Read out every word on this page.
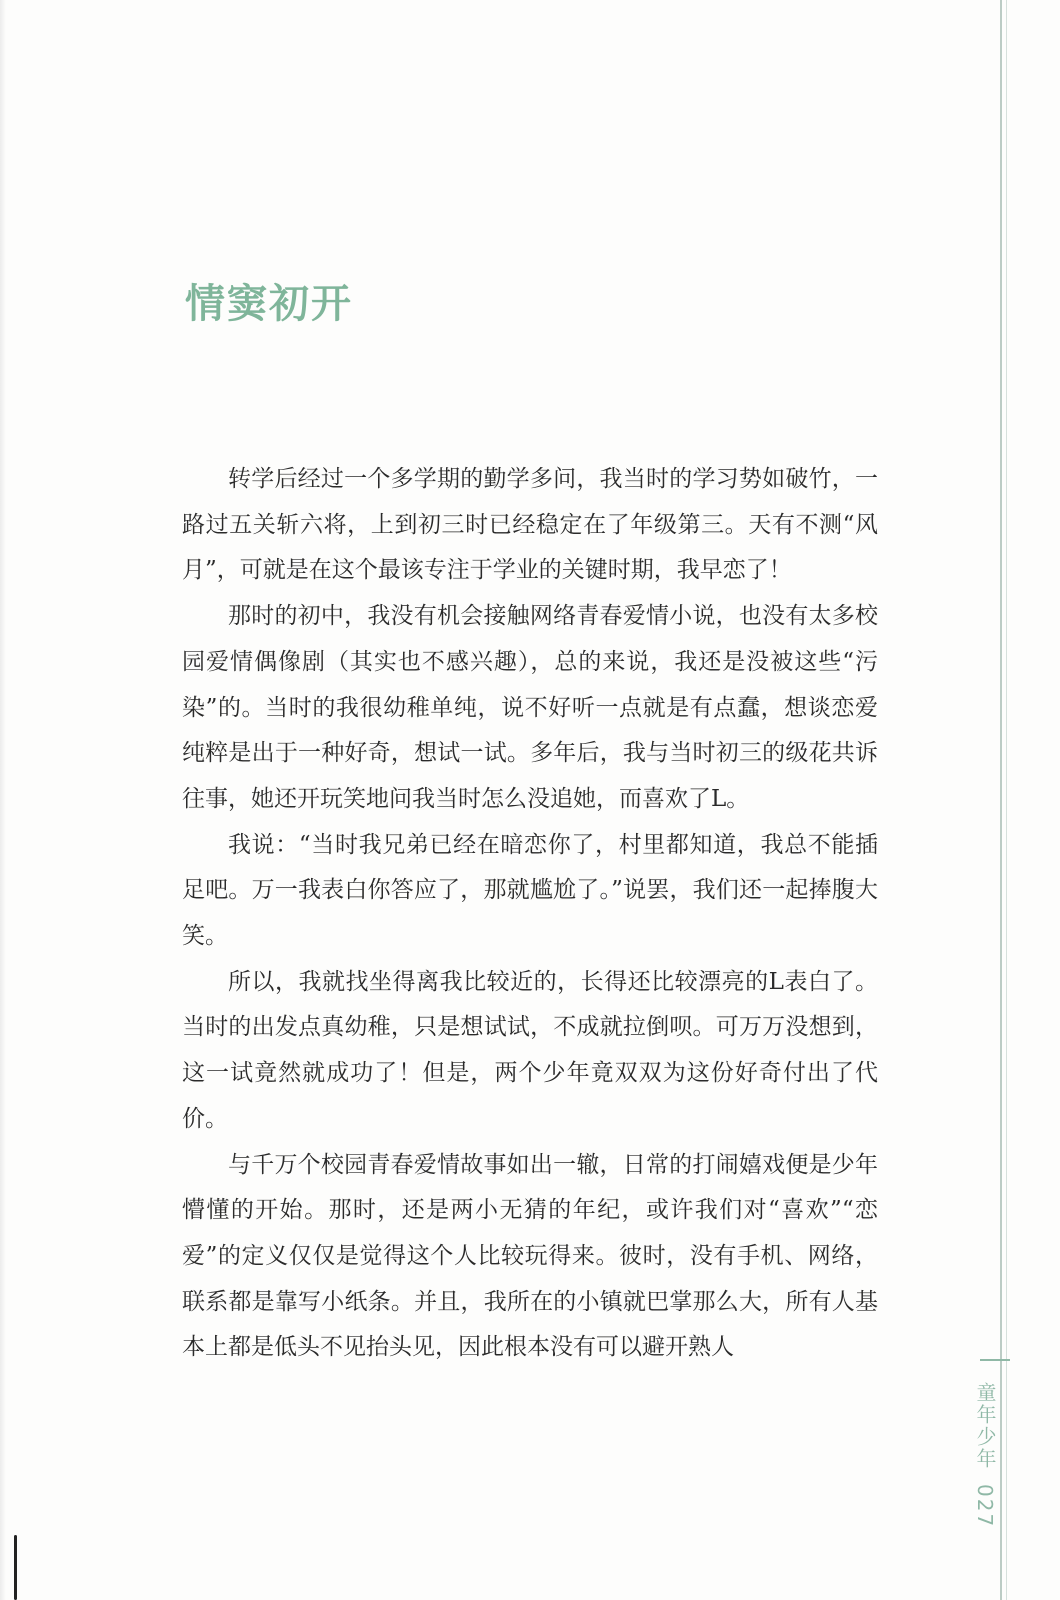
情窦初开

转学后经过一个多学期的勤学多问，我当时的学习势如破竹，一路过五关斩六将，上到初三时已经稳定在了年级第三。天有不测“风月”，可就是在这个最该专注于学业的关键时期，我早恋了！

那时的初中，我没有机会接触网络青春爱情小说，也没有太多校园爱情偶像剧（其实也不感兴趣），总的来说，我还是没被这些“污染”的。当时的我很幼稚单纯，说不好听一点就是有点蠢，想谈恋爱纯粹是出于一种好奇，想试一试。多年后，我与当时初三的级花共诉往事，她还开玩笑地问我当时怎么没追她，而喜欢了L。

我说：“当时我兄弟已经在暗恋你了，村里都知道，我总不能插足吧。万一我表白你答应了，那就尴尬了。”说罢，我们还一起捧腹大笑。

所以，我就找坐得离我比较近的，长得还比较漂亮的L表白了。当时的出发点真幼稚，只是想试试，不成就拉倒呗。可万万没想到，这一试竟然就成功了！但是，两个少年竟双双为这份好奇付出了代价。

与千万个校园青春爱情故事如出一辙，日常的打闹嬉戏便是少年懵懂的开始。那时，还是两小无猜的年纪，或许我们对“喜欢”“恋爱”的定义仅仅是觉得这个人比较玩得来。彼时，没有手机、网络，联系都是靠写小纸条。并且，我所在的小镇就巴掌那么大，所有人基本上都是低头不见抬头见，因此根本没有可以避开熟人

童年少年027
